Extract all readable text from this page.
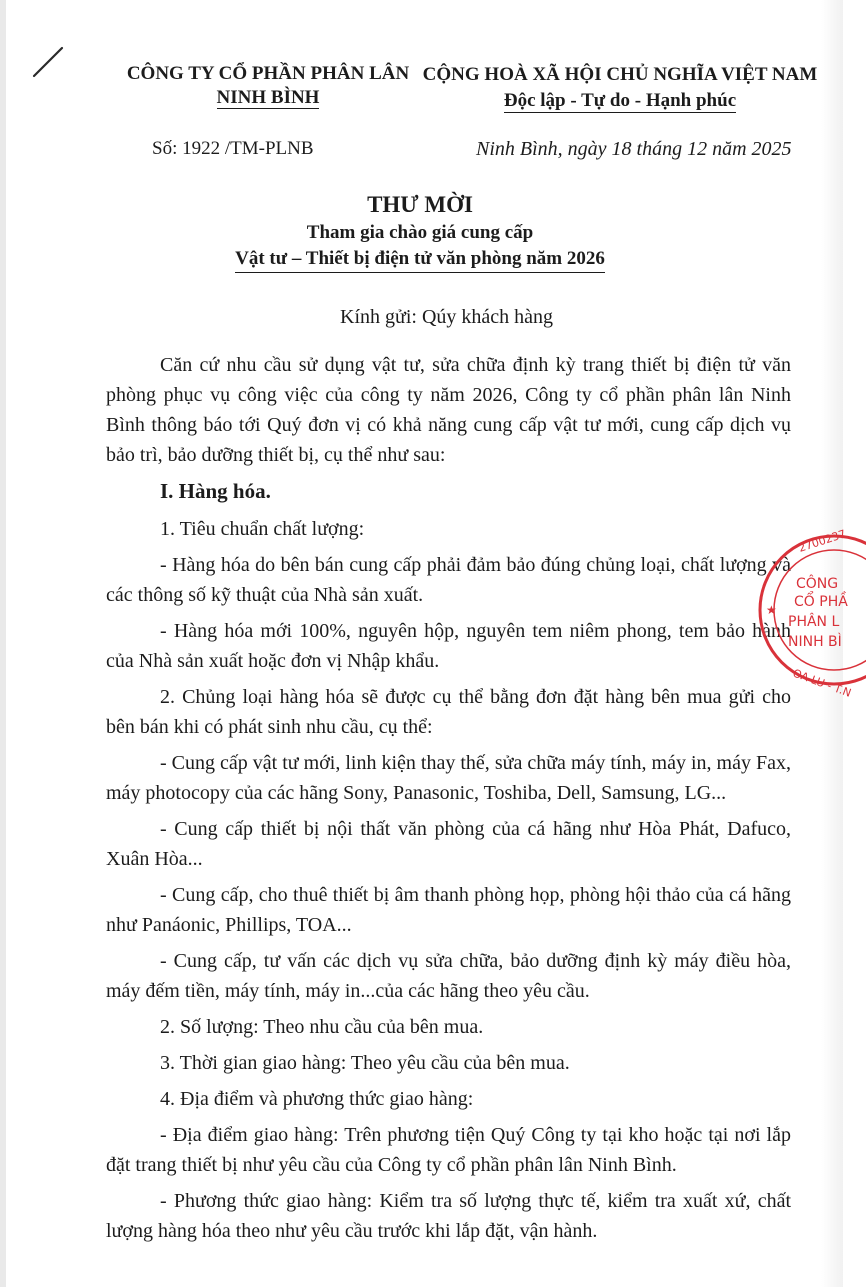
CÔNG TY CỔ PHẦN PHÂN LÂN
NINH BÌNH
CỘNG HOÀ XÃ HỘI CHỦ NGHĨA VIỆT NAM
Độc lập - Tự do - Hạnh phúc
Số: 1922 /TM-PLNB	Ninh Bình, ngày 18 tháng 12 năm 2025
THƯ MỜI
Tham gia chào giá cung cấp
Vật tư – Thiết bị điện tử văn phòng năm 2026
Kính gửi: Qúy khách hàng

Căn cứ nhu cầu sử dụng vật tư, sửa chữa định kỳ trang thiết bị điện tử văn phòng phục vụ công việc của công ty năm 2026, Công ty cổ phần phân lân Ninh Bình thông báo tới Quý đơn vị có khả năng cung cấp vật tư mới, cung cấp dịch vụ bảo trì, bảo dưỡng thiết bị, cụ thể như sau:

I. Hàng hóa.

1. Tiêu chuẩn chất lượng:

- Hàng hóa do bên bán cung cấp phải đảm bảo đúng chủng loại, chất lượng và các thông số kỹ thuật của Nhà sản xuất.

- Hàng hóa mới 100%, nguyên hộp, nguyên tem niêm phong, tem bảo hành của Nhà sản xuất hoặc đơn vị Nhập khẩu.

2. Chủng loại hàng hóa sẽ được cụ thể bằng đơn đặt hàng bên mua gửi cho bên bán khi có phát sinh nhu cầu, cụ thể:

- Cung cấp vật tư mới, linh kiện thay thế, sửa chữa máy tính, máy in, máy Fax, máy photocopy của các hãng Sony, Panasonic, Toshiba, Dell, Samsung, LG...

- Cung cấp thiết bị nội thất văn phòng của cá hãng như Hòa Phát, Dafuco, Xuân Hòa...

- Cung cấp, cho thuê thiết bị âm thanh phòng họp, phòng hội thảo của cá hãng như Panáonic, Phillips, TOA...

- Cung cấp, tư vấn các dịch vụ sửa chữa, bảo dưỡng định kỳ máy điều hòa, máy đếm tiền, máy tính, máy in...của các hãng theo yêu cầu.

2. Số lượng: Theo nhu cầu của bên mua.

3. Thời gian giao hàng: Theo yêu cầu của bên mua.

4. Địa điểm và phương thức giao hàng:

- Địa điểm giao hàng: Trên phương tiện Quý Công ty tại kho hoặc tại nơi lắp đặt trang thiết bị như yêu cầu của Công ty cổ phần phân lân Ninh Bình.

- Phương thức giao hàng: Kiểm tra số lượng thực tế, kiểm tra xuất xứ, chất lượng hàng hóa theo như yêu cầu trước khi lắp đặt, vận hành.

2700237
CÔNG
CỔ PHẦ
PHÂN L
NINH BÌ
★
OA LU - T.N
